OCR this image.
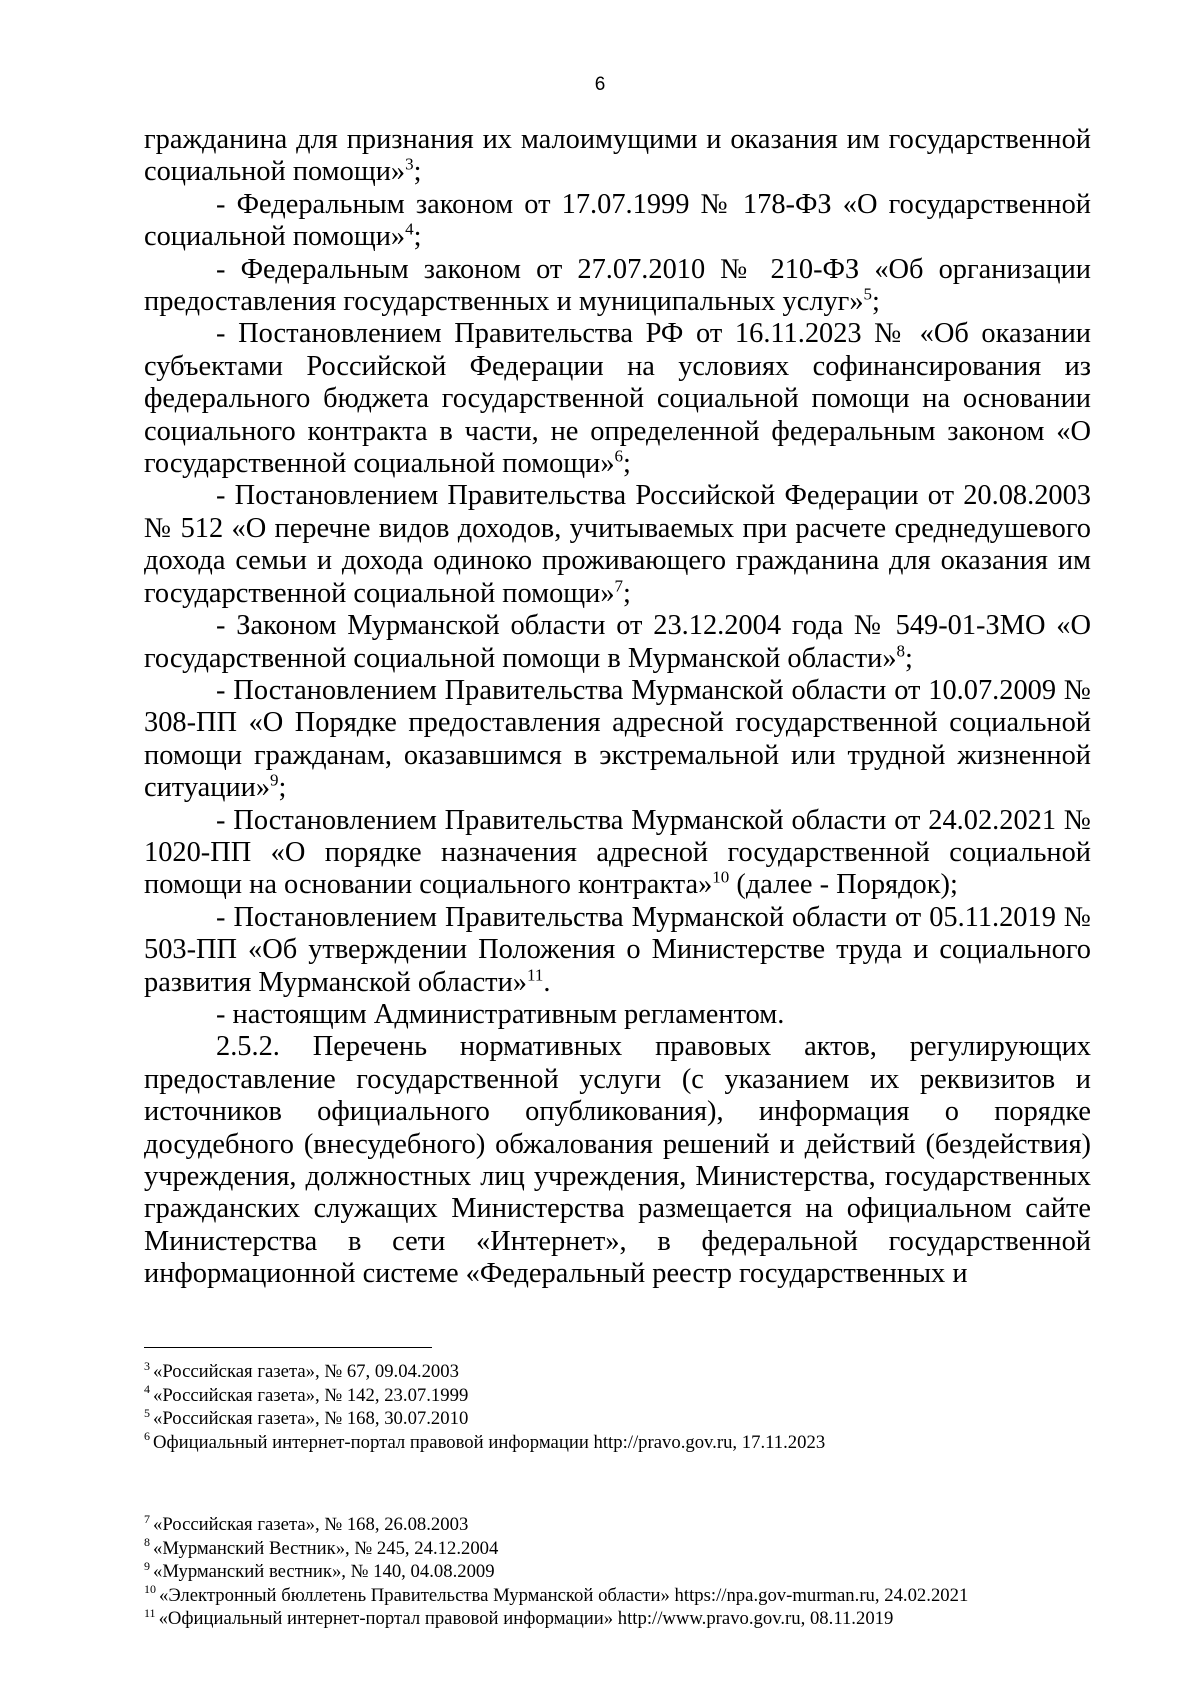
6

гражданина для признания их малоимущими и оказания им государственной социальной помощи»$^3$;

- Федеральным законом от 17.07.1999 № 178-ФЗ «О государственной социальной помощи»$^4$;

- Федеральным законом от 27.07.2010 № 210-ФЗ «Об организации предоставления государственных и муниципальных услуг»$^5$;

- Постановлением Правительства РФ от 16.11.2023 № «Об оказании субъектами Российской Федерации на условиях софинансирования из федерального бюджета государственной социальной помощи на основании социального контракта в части, не определенной федеральным законом «О государственной социальной помощи»$^6$;

- Постановлением Правительства Российской Федерации от 20.08.2003 № 512 «О перечне видов доходов, учитываемых при расчете среднедушевого дохода семьи и дохода одиноко проживающего гражданина для оказания им государственной социальной помощи»$^7$;

- Законом Мурманской области от 23.12.2004 года № 549-01-ЗМО «О государственной социальной помощи в Мурманской области»$^8$;

- Постановлением Правительства Мурманской области от 10.07.2009 № 308-ПП «О Порядке предоставления адресной государственной социальной помощи гражданам, оказавшимся в экстремальной или трудной жизненной ситуации»$^9$;

- Постановлением Правительства Мурманской области от 24.02.2021 № 1020-ПП «О порядке назначения адресной государственной социальной помощи на основании социального контракта»$^{10}$ (далее - Порядок);

- Постановлением Правительства Мурманской области от 05.11.2019 № 503-ПП «Об утверждении Положения о Министерстве труда и социального развития Мурманской области»$^{11}$.

- настоящим Административным регламентом.

2.5.2. Перечень нормативных правовых актов, регулирующих предоставление государственной услуги (с указанием их реквизитов и источников официального опубликования), информация о порядке досудебного (внесудебного) обжалования решений и действий (бездействия) учреждения, должностных лиц учреждения, Министерства, государственных гражданских служащих Министерства размещается на официальном сайте Министерства в сети «Интернет», в федеральной государственной информационной системе «Федеральный реестр государственных и

$^3$ «Российская газета», № 67, 09.04.2003
$^4$ «Российская газета», № 142, 23.07.1999
$^5$ «Российская газета», № 168, 30.07.2010
$^6$ Официальный интернет-портал правовой информации http://pravo.gov.ru, 17.11.2023
$^7$ «Российская газета», № 168, 26.08.2003
$^8$ «Мурманский Вестник», № 245, 24.12.2004
$^9$ «Мурманский вестник», № 140, 04.08.2009
$^{10}$ «Электронный бюллетень Правительства Мурманской области» https://npa.gov-murman.ru, 24.02.2021
$^{11}$ «Официальный интернет-портал правовой информации» http://www.pravo.gov.ru, 08.11.2019
